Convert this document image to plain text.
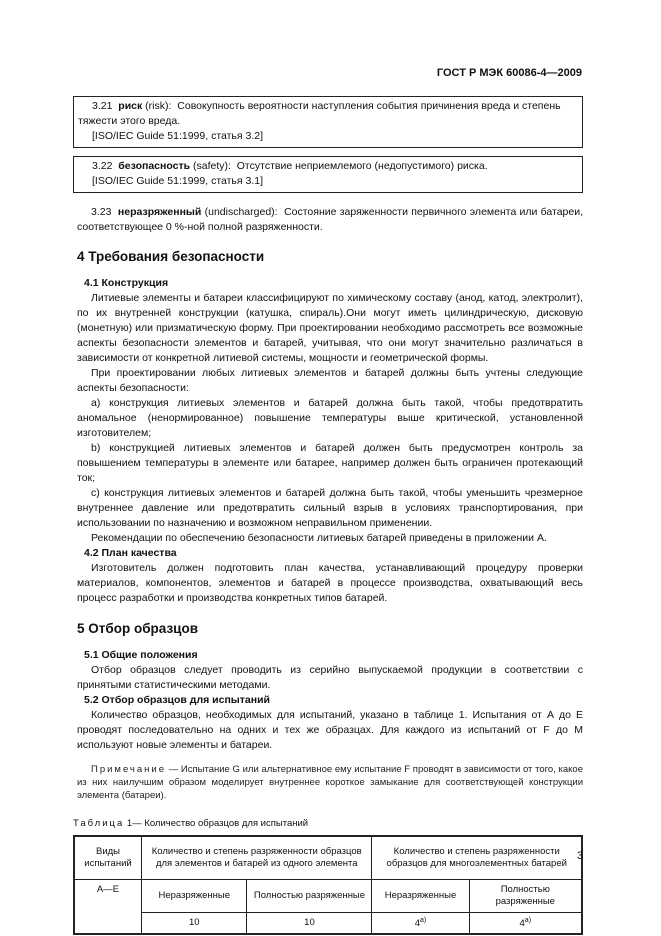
ГОСТ Р МЭК 60086-4—2009

3.21 риск (risk): Совокупность вероятности наступления события причинения вреда и степень тяжести этого вреда.

[ISO/IEC Guide 51:1999, статья 3.2]

3.22 безопасность (safety): Отсутствие неприемлемого (недопустимого) риска.

[ISO/IEC Guide 51:1999, статья 3.1]

3.23 неразряженный (undischarged): Состояние заряженности первичного элемента или батареи, соответствующее 0 %-ной полной разряженности.

4 Требования безопасности
4.1 Конструкция

Литиевые элементы и батареи классифицируют по химическому составу (анод, катод, электролит), по их внутренней конструкции (катушка, спираль).Они могут иметь цилиндрическую, дисковую (монетную) или призматическую форму. При проектировании необходимо рассмотреть все возможные аспекты безопасности элементов и батарей, учитывая, что они могут значительно различаться в зависимости от конкретной литиевой системы, мощности и геометрической формы.

При проектировании любых литиевых элементов и батарей должны быть учтены следующие аспекты безопасности:

а) конструкция литиевых элементов и батарей должна быть такой, чтобы предотвратить аномальное (ненормированное) повышение температуры выше критической, установленной изготовителем;

b) конструкцией литиевых элементов и батарей должен быть предусмотрен контроль за повышением температуры в элементе или батарее, например должен быть ограничен протекающий ток;

с) конструкция литиевых элементов и батарей должна быть такой, чтобы уменьшить чрезмерное внутреннее давление или предотвратить сильный взрыв в условиях транспортирования, при использовании по назначению и возможном неправильном применении.

Рекомендации по обеспечению безопасности литиевых батарей приведены в приложении А.

4.2 План качества

Изготовитель должен подготовить план качества, устанавливающий процедуру проверки материалов, компонентов, элементов и батарей в процессе производства, охватывающий весь процесс разработки и производства конкретных типов батарей.

5 Отбор образцов
5.1 Общие положения

Отбор образцов следует проводить из серийно выпускаемой продукции в соответствии с принятыми статистическими методами.

5.2 Отбор образцов для испытаний

Количество образцов, необходимых для испытаний, указано в таблице 1. Испытания от А до Е проводят последовательно на одних и тех же образцах. Для каждого из испытаний от F до М используют новые элементы и батареи.

Примечание — Испытание G или альтернативное ему испытание F проводят в зависимости от того, какое из них наилучшим образом моделирует внутреннее короткое замыкание для соответствующей конструкции элемента (батареи).

Таблица 1— Количество образцов для испытаний

Виды испытаний	Количество и степень разряженности образцов для элементов и батарей из одного элемента		Количество и степень разряженности образцов для многоэлементных батарей	
А—Е	Неразряженные	Полностью разряженные	Неразряженные	Полностью разряженные
	10	10	$4^{а)}$	$4^{а)}$
3
